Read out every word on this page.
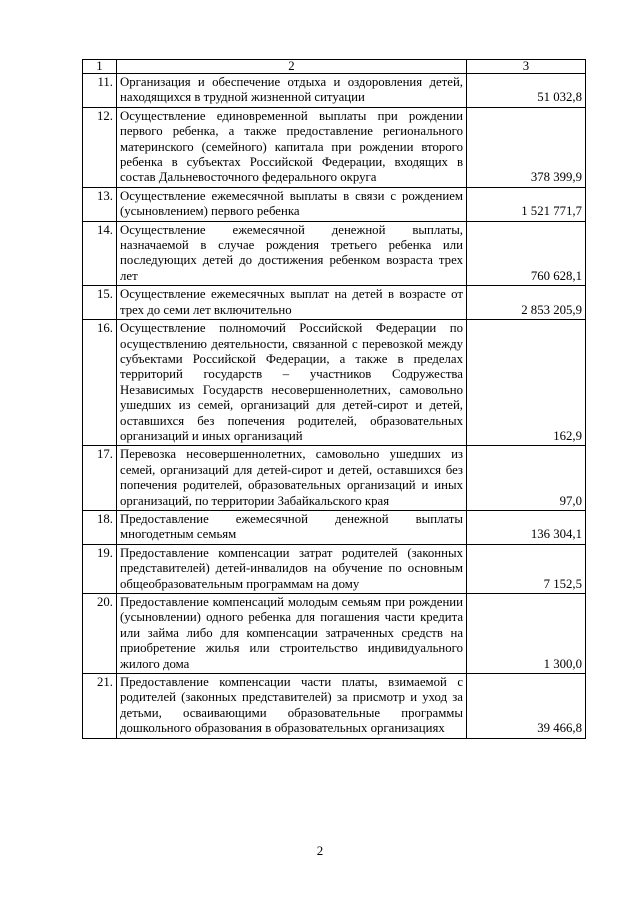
1	2	3
11.	Организация и обеспечение отдыха и оздоровления детей, находящихся в трудной жизненной ситуации	51 032,8
12.	Осуществление единовременной выплаты при рождении первого ребенка, а также предоставление регионального материнского (семейного) капитала при рождении второго ребенка в субъектах Российской Федерации, входящих в состав Дальневосточного федерального округа	378 399,9
13.	Осуществление ежемесячной выплаты в связи с рождением (усыновлением) первого ребенка	1 521 771,7
14.	Осуществление ежемесячной денежной выплаты, назначаемой в случае рождения третьего ребенка или последующих детей до достижения ребенком возраста трех лет	760 628,1
15.	Осуществление ежемесячных выплат на детей в возрасте от трех до семи лет включительно	2 853 205,9
16.	Осуществление полномочий Российской Федерации по осуществлению деятельности, связанной с перевозкой между субъектами Российской Федерации, а также в пределах территорий государств – участников Содружества Независимых Государств несовершеннолетних, самовольно ушедших из семей, организаций для детей-сирот и детей, оставшихся без попечения родителей, образовательных организаций и иных организаций	162,9
17.	Перевозка несовершеннолетних, самовольно ушедших из семей, организаций для детей-сирот и детей, оставшихся без попечения родителей, образовательных организаций и иных организаций, по территории Забайкальского края	97,0
18.	Предоставление ежемесячной денежной выплаты многодетным семьям	136 304,1
19.	Предоставление компенсации затрат родителей (законных представителей) детей-инвалидов на обучение по основным общеобразовательным программам на дому	7 152,5
20.	Предоставление компенсаций молодым семьям при рождении (усыновлении) одного ребенка для погашения части кредита или займа либо для компенсации затраченных средств на приобретение жилья или строительство индивидуального жилого дома	1 300,0
21.	Предоставление компенсации части платы, взимаемой с родителей (законных представителей) за присмотр и уход за детьми, осваивающими образовательные программы дошкольного образования в образовательных организациях	39 466,8
2
